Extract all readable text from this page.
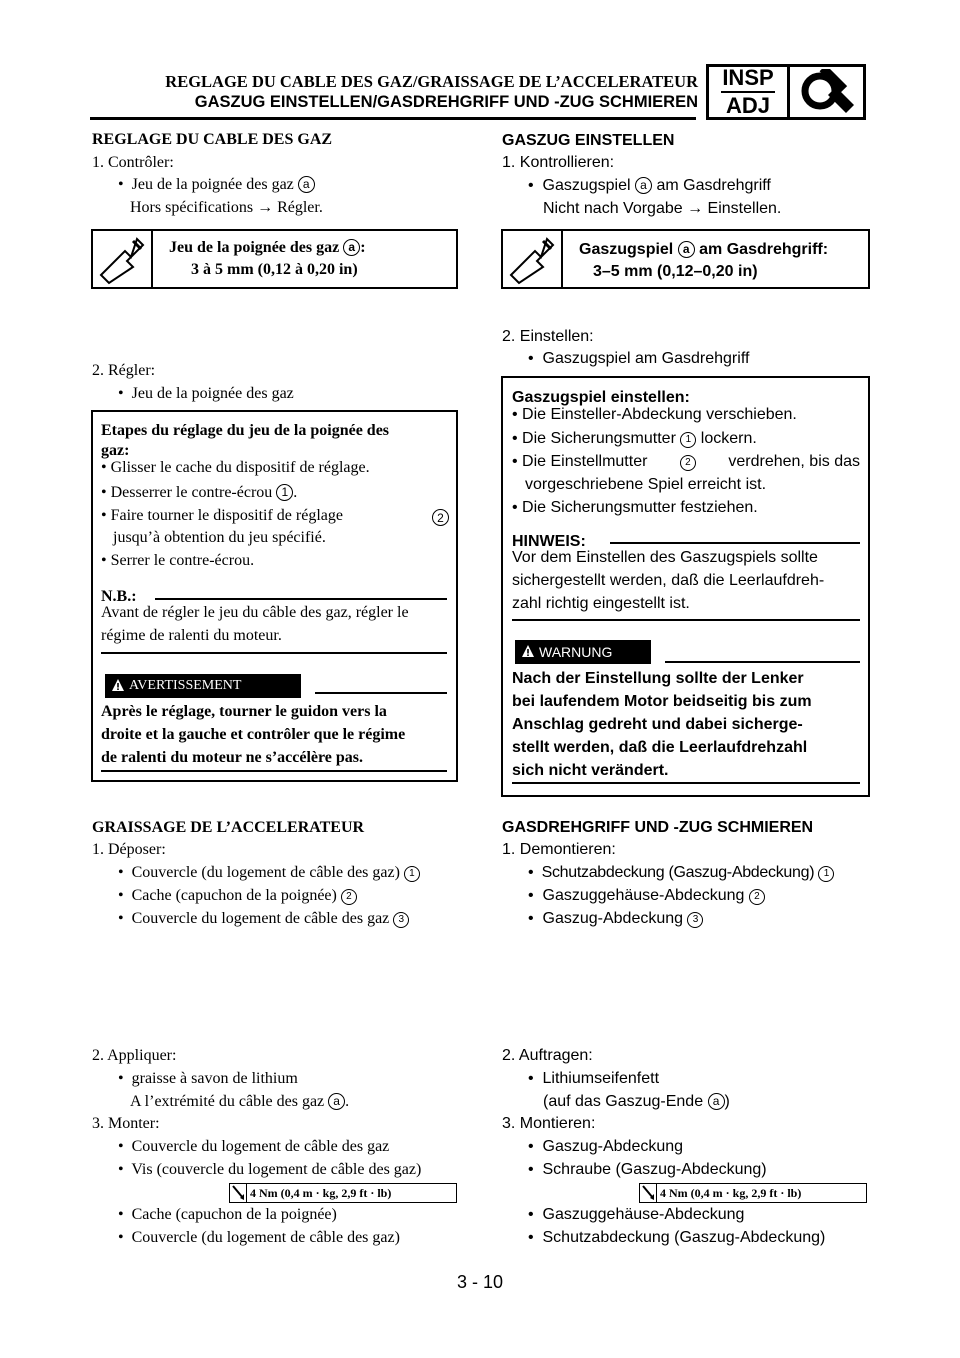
REGLAGE DU CABLE DES GAZ/GRAISSAGE DE L’ACCELERATEUR
GASZUG EINSTELLEN/GASDREHGRIFF UND -ZUG SCHMIEREN
INSP
ADJ
REGLAGE DU CABLE DES GAZ
1. Contrôler:
•  Jeu de la poignée des gaz a
Hors spécifications → Régler.
Jeu de la poignée des gaz a :
3 à 5 mm (0,12 à 0,20 in)
2. Régler:
•  Jeu de la poignée des gaz
Etapes du réglage du jeu de la poignée des
gaz:
• Glisser le cache du dispositif de réglage.
• Desserrer le contre-écrou 1 .
• Faire tourner le dispositif de réglage	2
jusqu’à obtention du jeu spécifié.
• Serrer le contre-écrou.
N.B.:
Avant de régler le jeu du câble des gaz, régler le
régime de ralenti du moteur.
AVERTISSEMENT
Après le réglage, tourner le guidon vers la
droite et la gauche et contrôler que le régime
de ralenti du moteur ne s’accélère pas.
GRAISSAGE DE L’ACCELERATEUR
1. Déposer:
•  Couvercle (du logement de câble des gaz) 1
•  Cache (capuchon de la poignée) 2
•  Couvercle du logement de câble des gaz 3
2. Appliquer:
•  graisse à savon de lithium
A l’extrémité du câble des gaz a .
3. Monter:
•  Couvercle du logement de câble des gaz
•  Vis (couvercle du logement de câble des gaz)
4 Nm (0,4 m · kg, 2,9 ft · lb)
•  Cache (capuchon de la poignée)
•  Couvercle (du logement de câble des gaz)
GASZUG EINSTELLEN
1. Kontrollieren:
•  Gaszugspiel a am Gasdrehgriff
Nicht nach Vorgabe → Einstellen.
Gaszugspiel a am Gasdrehgriff:
3–5 mm (0,12–0,20 in)
2. Einstellen:
•  Gaszugspiel am Gasdrehgriff
Gaszugspiel einstellen:
• Die Einsteller-Abdeckung verschieben.
• Die Sicherungsmutter 1 lockern.
• Die Einstellmutter	2	verdrehen, bis das
vorgeschriebene Spiel erreicht ist.
• Die Sicherungsmutter festziehen.
HINWEIS:
Vor dem Einstellen des Gaszugspiels sollte
sichergestellt werden, daß die Leerlaufdreh-
zahl richtig eingestellt ist.
WARNUNG
Nach der Einstellung sollte der Lenker
bei laufendem Motor beidseitig bis zum
Anschlag gedreht und dabei sicherge-
stellt werden, daß die Leerlaufdrehzahl
sich nicht verändert.
GASDREHGRIFF UND -ZUG SCHMIEREN
1. Demontieren:
•  Schutzabdeckung (Gaszug-Abdeckung) 1
•  Gaszuggehäuse-Abdeckung 2
•  Gaszug-Abdeckung 3
2. Auftragen:
•  Lithiumseifenfett
(auf das Gaszug-Ende a )
3. Montieren:
•  Gaszug-Abdeckung
•  Schraube (Gaszug-Abdeckung)
4 Nm (0,4 m · kg, 2,9 ft · lb)
•  Gaszuggehäuse-Abdeckung
•  Schutzabdeckung (Gaszug-Abdeckung)
3 - 10
